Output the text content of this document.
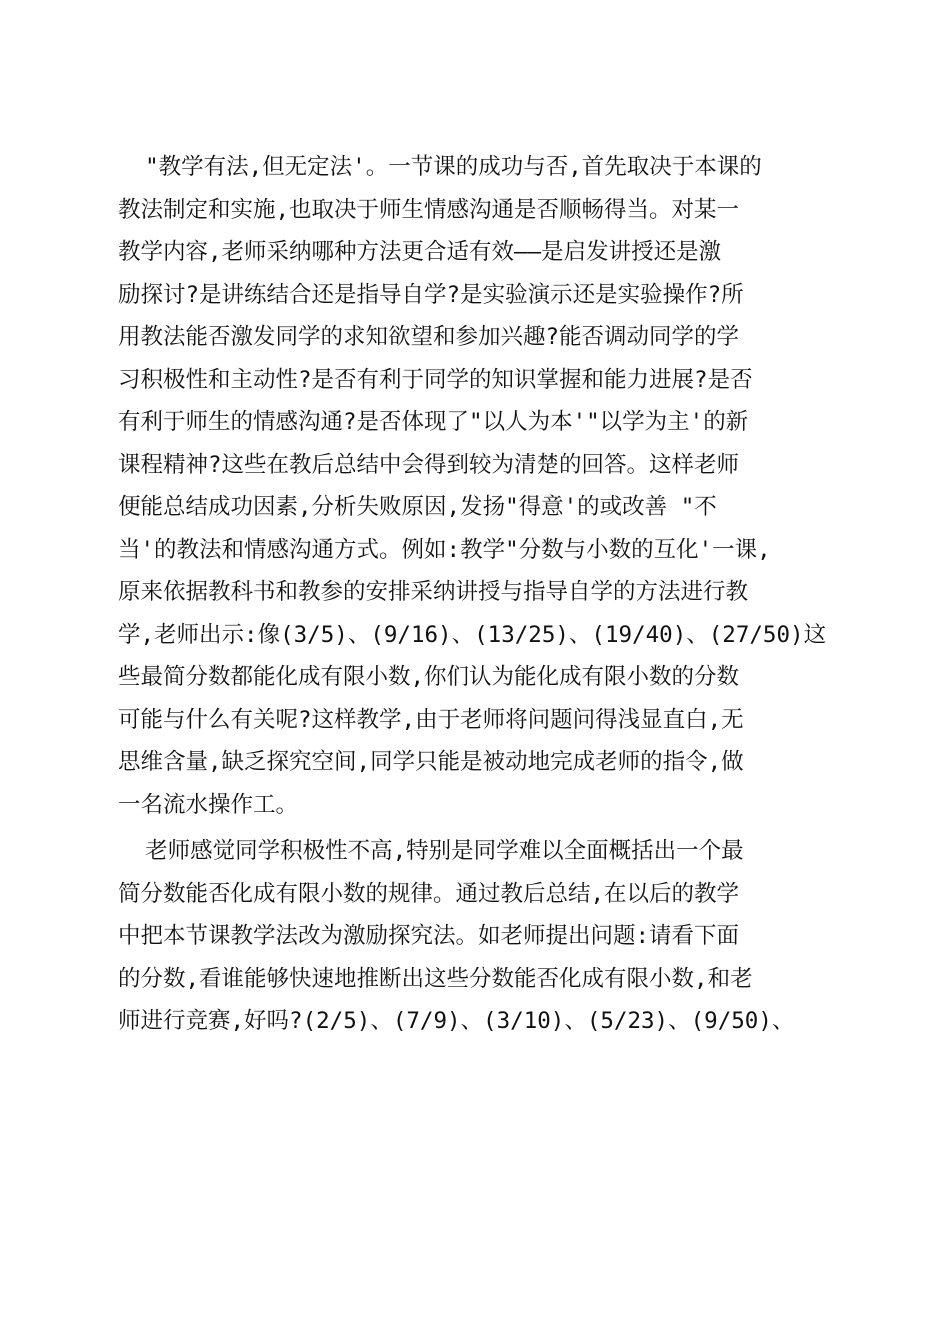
"教学有法,但无定法'。一节课的成功与否,首先取决于本课的
教法制定和实施,也取决于师生情感沟通是否顺畅得当。对某一
教学内容,老师采纳哪种方法更合适有效——是启发讲授还是激
励探讨?是讲练结合还是指导自学?是实验演示还是实验操作?所
用教法能否激发同学的求知欲望和参加兴趣?能否调动同学的学
习积极性和主动性?是否有利于同学的知识掌握和能力进展?是否
有利于师生的情感沟通?是否体现了"以人为本'"以学为主'的新
课程精神?这些在教后总结中会得到较为清楚的回答。这样老师
便能总结成功因素,分析失败原因,发扬"得意'的或改善 "不
当'的教法和情感沟通方式。例如:教学"分数与小数的互化'一课,
原来依据教科书和教参的安排采纳讲授与指导自学的方法进行教
学,老师出示:像(3/5)、(9/16)、(13/25)、(19/40)、(27/50)这
些最简分数都能化成有限小数,你们认为能化成有限小数的分数
可能与什么有关呢?这样教学,由于老师将问题问得浅显直白,无
思维含量,缺乏探究空间,同学只能是被动地完成老师的指令,做
一名流水操作工。
老师感觉同学积极性不高,特别是同学难以全面概括出一个最
简分数能否化成有限小数的规律。通过教后总结,在以后的教学
中把本节课教学法改为激励探究法。如老师提出问题:请看下面
的分数,看谁能够快速地推断出这些分数能否化成有限小数,和老
师进行竞赛,好吗?(2/5)、(7/9)、(3/10)、(5/23)、(9/50)、
